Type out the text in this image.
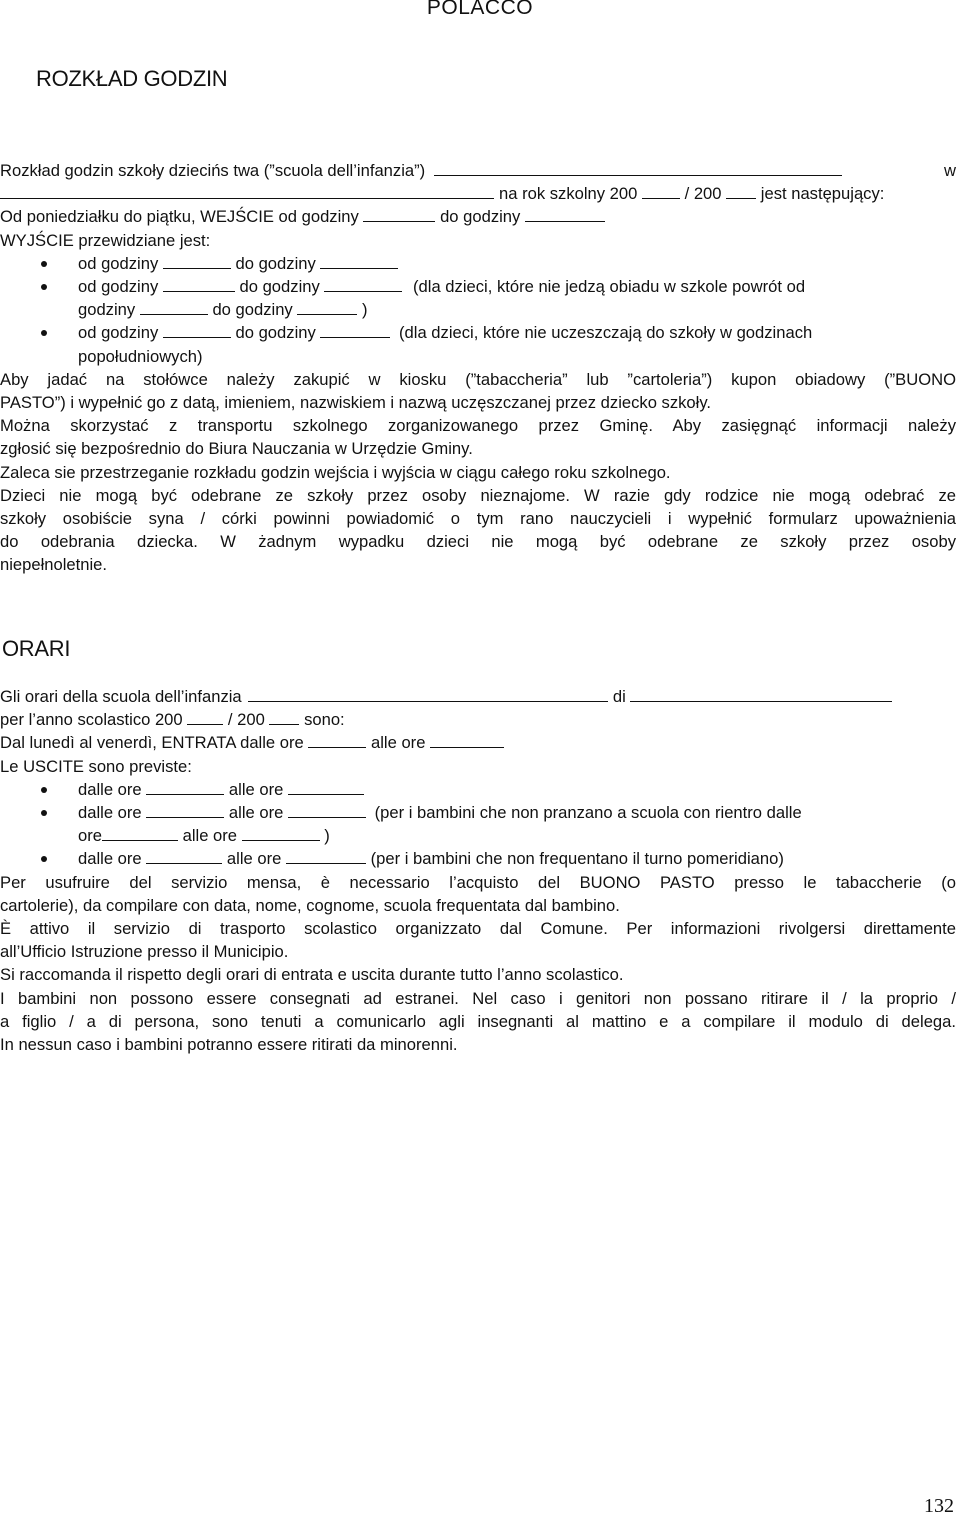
POLACCO
ROZKŁAD GODZIN
Rozkład godzin szkoły dziecińs twa (”scuola dell’infanzia”)	w
na rok szkolny 200	/ 200 jest następujący:
Od poniedziałku do piątku, WEJŚCIE od godziny	do godziny
WYJŚCIE przewidziane jest:
od godziny	do godziny
od godziny	do godziny	(dla dzieci, które nie jedzą obiadu w szkole powrót od
godziny	do godziny	)
od godziny	do godziny	(dla dzieci, które nie uczeszczają do szkoły w godzinach
popołudniowych)
Aby jadać na stołówce należy zakupić w kiosku (”tabaccheria” lub ”cartoleria”) kupon obiadowy (”BUONO
PASTO”) i wypełnić go z datą, imieniem, nazwiskiem i nazwą uczęszczanej przez dziecko szkoły.
Można skorzystać z transportu szkolnego zorganizowanego przez Gminę. Aby zasięgnąć informacji należy
zgłosić się bezpośrednio do Biura Nauczania w Urzędzie Gminy.
Zaleca sie przestrzeganie rozkładu godzin wejścia i wyjścia w ciągu całego roku szkolnego.
Dzieci nie mogą być odebrane ze szkoły przez osoby nieznajome. W razie gdy rodzice nie mogą odebrać ze
szkoły osobiście syna / córki powinni powiadomić o tym rano nauczycieli i wypełnić formularz upoważnienia
do odebrania dziecka. W żadnym wypadku dzieci nie mogą być odebrane ze szkoły przez osoby
niepełnoletnie.
ORARI
Gli orari della scuola dell’infanzia	di
per l’anno scolastico 200	/ 200 sono:
Dal lunedì al venerdì, ENTRATA dalle ore	alle ore
Le USCITE sono previste:
dalle ore	alle ore
dalle ore	alle ore	(per i bambini che non pranzano a scuola con rientro dalle
ore	alle ore	)
dalle ore	alle ore	(per i bambini che non frequentano il turno pomeridiano)
Per usufruire del servizio mensa, è necessario l’acquisto del BUONO PASTO presso le tabaccherie (o
cartolerie), da compilare con data, nome, cognome, scuola frequentata dal bambino.
È attivo il servizio di trasporto scolastico organizzato dal Comune. Per informazioni rivolgersi direttamente
all’Ufficio Istruzione presso il Municipio.
Si raccomanda il rispetto degli orari di entrata e uscita durante tutto l’anno scolastico.
I bambini non possono essere consegnati ad estranei. Nel caso i genitori non possano ritirare il / la proprio /
a figlio / a di persona, sono tenuti a comunicarlo agli insegnanti al mattino e a compilare il modulo di delega.
In nessun caso i bambini potranno essere ritirati da minorenni.
132
